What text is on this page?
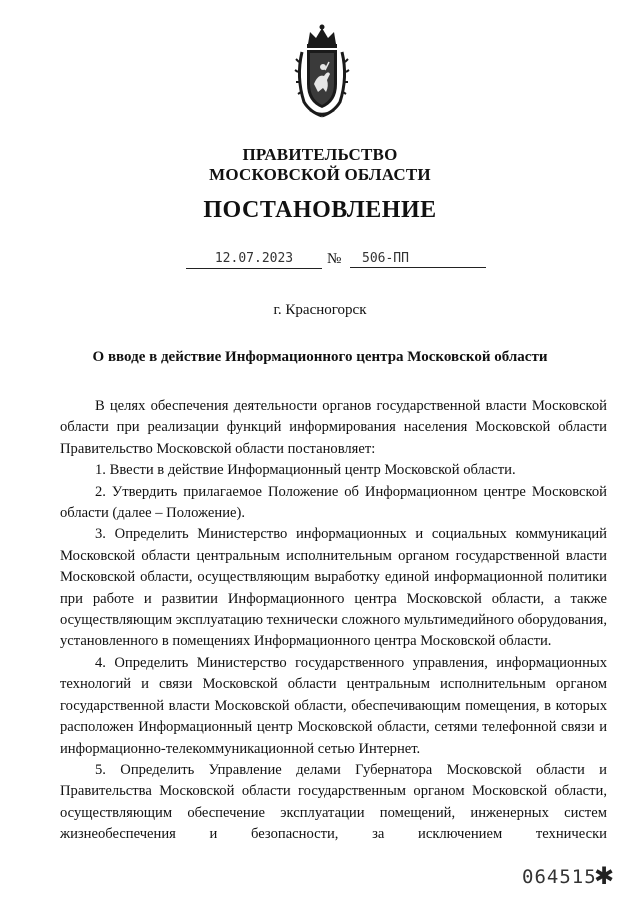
ПРАВИТЕЛЬСТВО
МОСКОВСКОЙ ОБЛАСТИ
ПОСТАНОВЛЕНИЕ
12.07.2023	№	506-ПП
г. Красногорск
О вводе в действие Информационного центра Московской области

В целях обеспечения деятельности органов государственной власти Московской области при реализации функций информирования населения Московской области Правительство Московской области постановляет:

1. Ввести в действие Информационный центр Московской области.

2. Утвердить прилагаемое Положение об Информационном центре Московской области (далее – Положение).

3. Определить Министерство информационных и социальных коммуникаций Московской области центральным исполнительным органом государственной власти Московской области, осуществляющим выработку единой информационной политики при работе и развитии Информационного центра Московской области, а также осуществляющим эксплуатацию технически сложного мультимедийного оборудования, установленного в помещениях Информационного центра Московской области.

4. Определить Министерство государственного управления, информационных технологий и связи Московской области центральным исполнительным органом государственной власти Московской области, обеспечивающим помещения, в которых расположен Информационный центр Московской области, сетями телефонной связи и информационно-телекоммуникационной сетью Интернет.

5. Определить Управление делами Губернатора Московской области и Правительства Московской области государственным органом Московской области, осуществляющим обеспечение эксплуатации помещений, инженерных систем жизнеобеспечения и безопасности, за исключением технически

064515
✱
